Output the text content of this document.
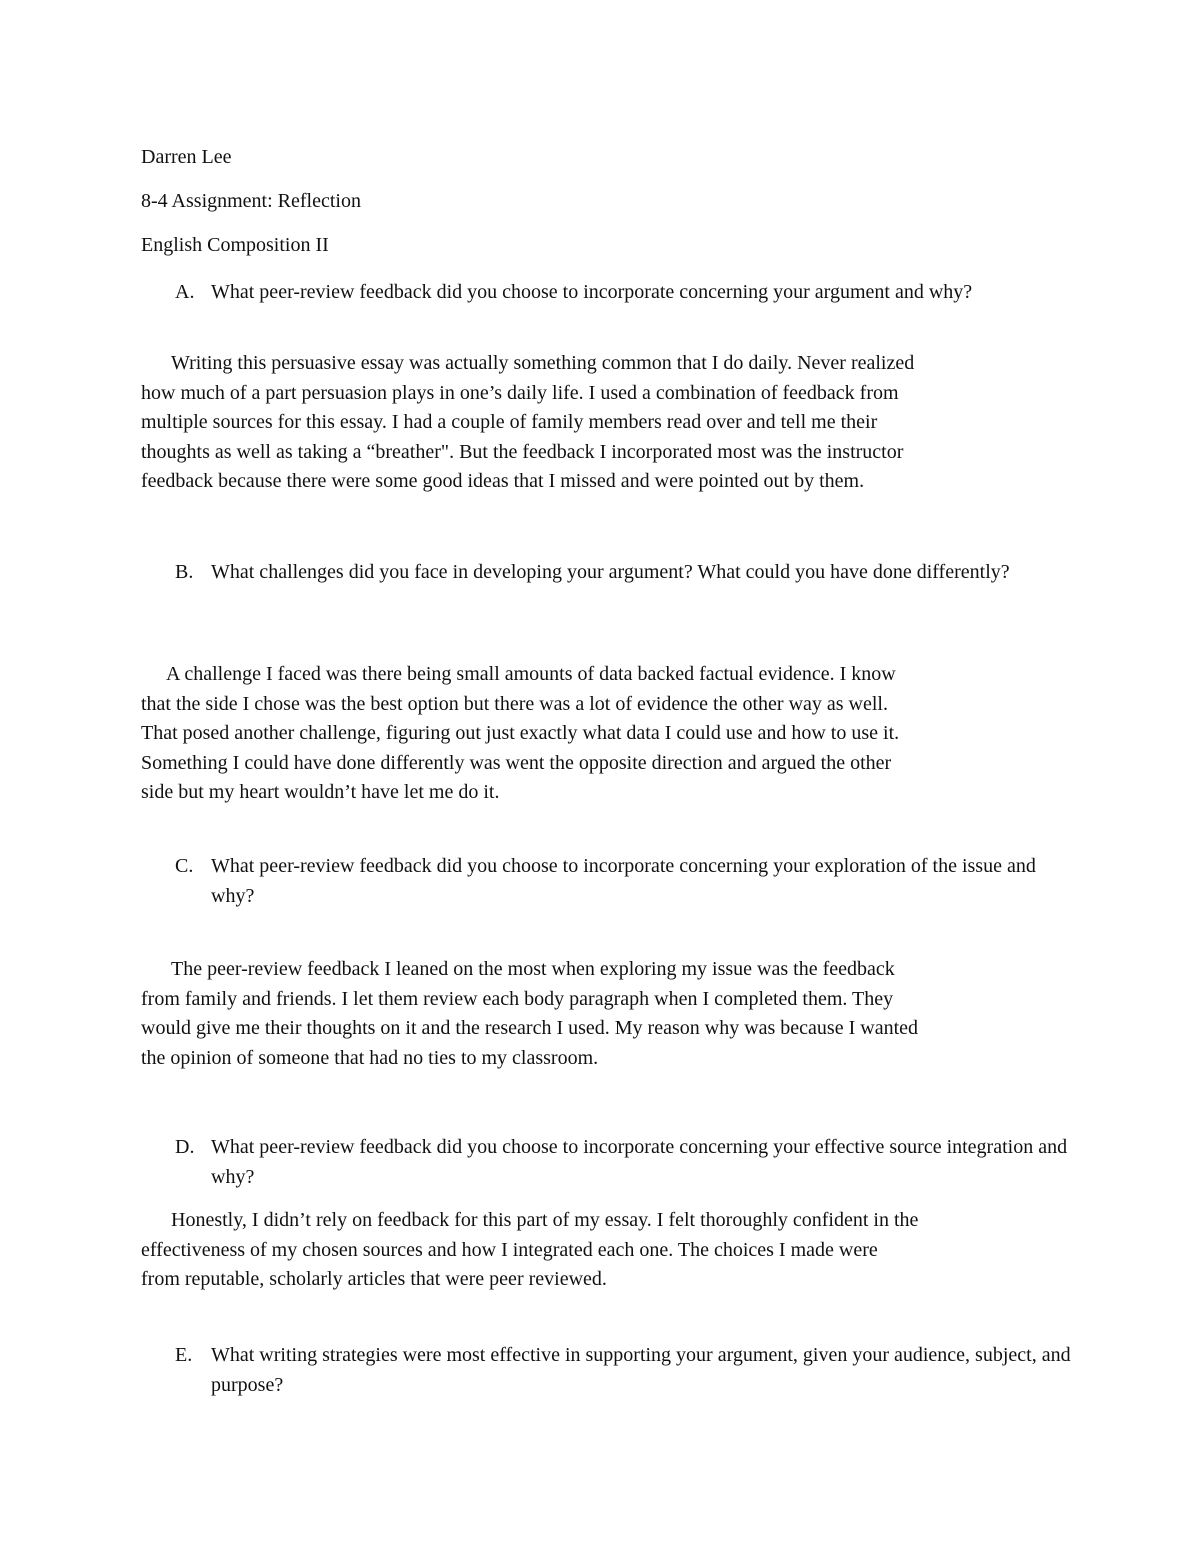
Darren Lee
8-4 Assignment: Reflection
English Composition II
A. What peer-review feedback did you choose to incorporate concerning your argument and why?
Writing this persuasive essay was actually something common that I do daily. Never realized
how much of a part persuasion plays in one’s daily life. I used a combination of feedback from
multiple sources for this essay. I had a couple of family members read over and tell me their
thoughts as well as taking a “breather". But the feedback I incorporated most was the instructor
feedback because there were some good ideas that I missed and were pointed out by them.
B. What challenges did you face in developing your argument? What could you have done differently?
A challenge I faced was there being small amounts of data backed factual evidence. I know
that the side I chose was the best option but there was a lot of evidence the other way as well.
That posed another challenge, figuring out just exactly what data I could use and how to use it.
Something I could have done differently was went the opposite direction and argued the other
side but my heart wouldn’t have let me do it.
C. What peer-review feedback did you choose to incorporate concerning your exploration of the issue and why?
The peer-review feedback I leaned on the most when exploring my issue was the feedback
from family and friends. I let them review each body paragraph when I completed them. They
would give me their thoughts on it and the research I used. My reason why was because I wanted
the opinion of someone that had no ties to my classroom.
D. What peer-review feedback did you choose to incorporate concerning your effective source integration and why?
Honestly, I didn’t rely on feedback for this part of my essay. I felt thoroughly confident in the
effectiveness of my chosen sources and how I integrated each one. The choices I made were
from reputable, scholarly articles that were peer reviewed.
E. What writing strategies were most effective in supporting your argument, given your audience, subject, and purpose?
